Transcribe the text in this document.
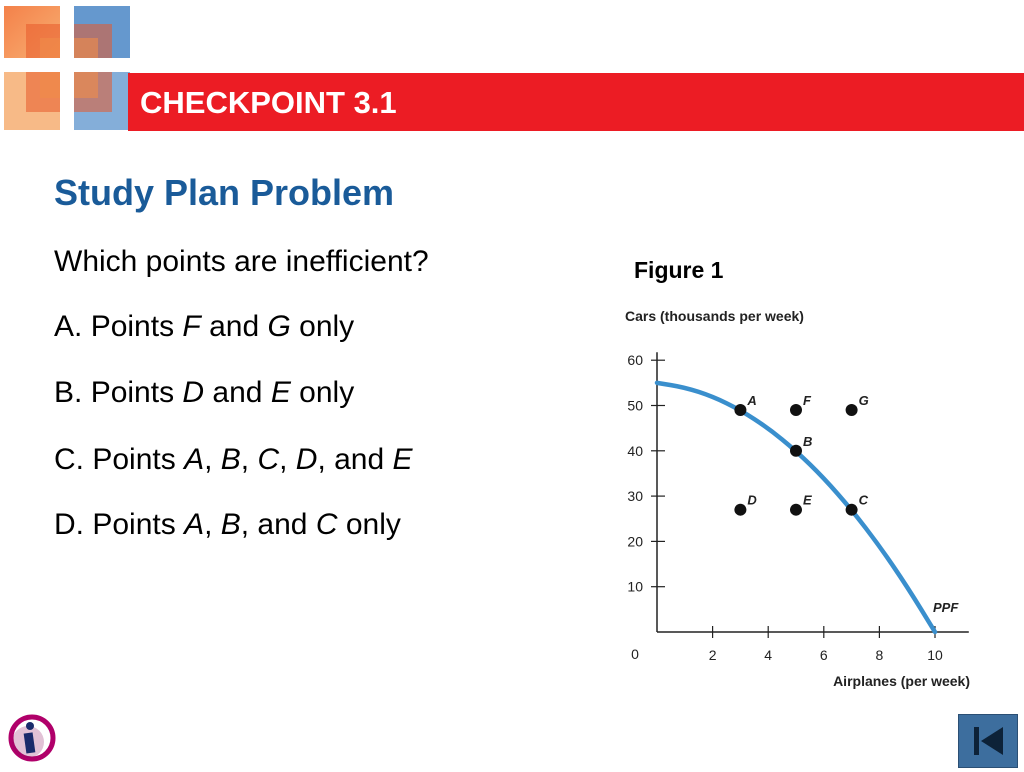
CHECKPOINT 3.1
Study Plan Problem
Which points are inefficient?
A. Points F and G only
B. Points D and E only
C. Points A, B, C, D, and E
D. Points A, B, and C only
Figure 1
Cars (thousands per week)
Airplanes (per week)
0	2	4	6	8	10
10
20
30
40
50
60
PPF
A	F	G
B
D	E	C
